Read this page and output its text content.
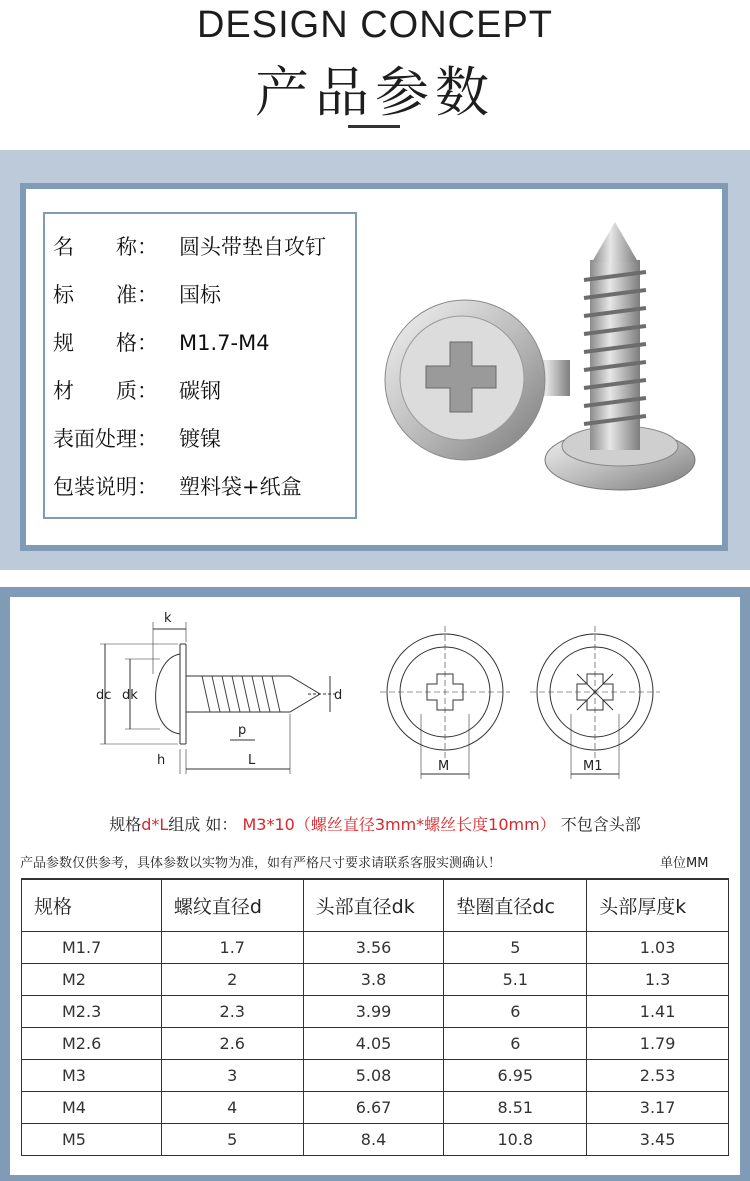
DESIGN CONCEPT
产品参数
名　　称： 圆头带垫自攻钉
标　　准： 国标
规　　格： M1.7-M4
材　　质： 碳钢
表面处理： 镀镍
包装说明： 塑料袋+纸盒
k
dc dk	d
p
h	L	M	M1
规格d*L组成 如： M3*10（螺丝直径3mm*螺丝长度10mm） 不包含头部
产品参数仅供参考，具体参数以实物为准，如有严格尺寸要求请联系客服实测确认！	单位MM
规格	螺纹直径d	头部直径dk	垫圈直径dc	头部厚度k
M1.7	1.7	3.56	5	1.03
M2	2	3.8	5.1	1.3
M2.3	2.3	3.99	6	1.41
M2.6	2.6	4.05	6	1.79
M3	3	5.08	6.95	2.53
M4	4	6.67	8.51	3.17
M5	5	8.4	10.8	3.45
